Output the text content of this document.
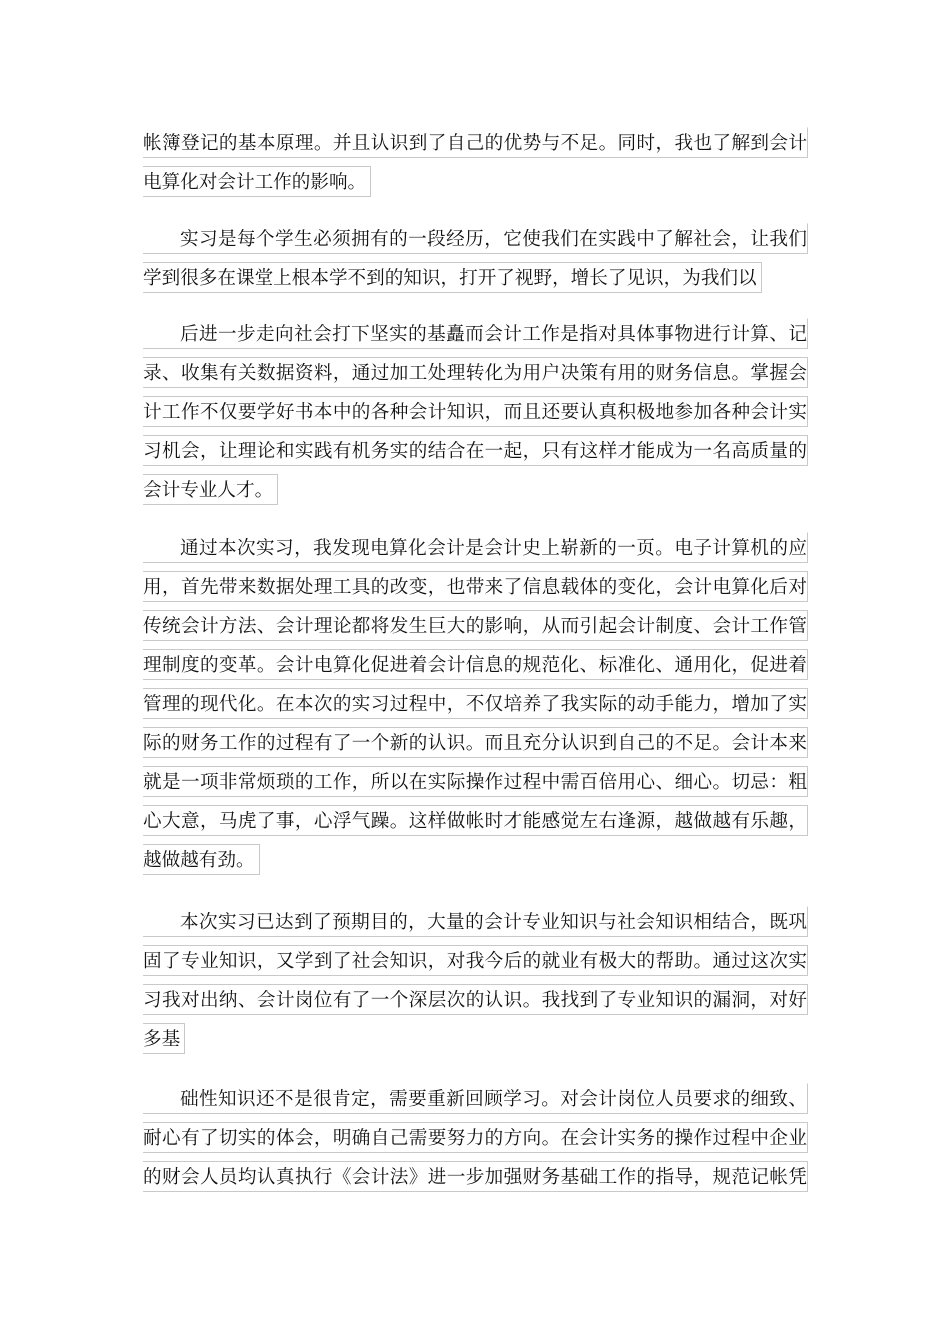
帐簿登记的基本原理。并且认识到了自己的优势与不足。同时，我也了解到会计
电算化对会计工作的影响。
实习是每个学生必须拥有的一段经历，它使我们在实践中了解社会，让我们
学到很多在课堂上根本学不到的知识，打开了视野，增长了见识，为我们以
后进一步走向社会打下坚实的基矗而会计工作是指对具体事物进行计算、记
录、收集有关数据资料，通过加工处理转化为用户决策有用的财务信息。掌握会
计工作不仅要学好书本中的各种会计知识，而且还要认真积极地参加各种会计实
习机会，让理论和实践有机务实的结合在一起，只有这样才能成为一名高质量的
会计专业人才。
通过本次实习，我发现电算化会计是会计史上崭新的一页。电子计算机的应
用，首先带来数据处理工具的改变，也带来了信息载体的变化，会计电算化后对
传统会计方法、会计理论都将发生巨大的影响，从而引起会计制度、会计工作管
理制度的变革。会计电算化促进着会计信息的规范化、标准化、通用化，促进着
管理的现代化。在本次的实习过程中，不仅培养了我实际的动手能力，增加了实
际的财务工作的过程有了一个新的认识。而且充分认识到自己的不足。会计本来
就是一项非常烦琐的工作，所以在实际操作过程中需百倍用心、细心。切忌：粗
心大意，马虎了事，心浮气躁。这样做帐时才能感觉左右逢源，越做越有乐趣，
越做越有劲。
本次实习已达到了预期目的，大量的会计专业知识与社会知识相结合，既巩
固了专业知识，又学到了社会知识，对我今后的就业有极大的帮助。通过这次实
习我对出纳、会计岗位有了一个深层次的认识。我找到了专业知识的漏洞，对好
多基
础性知识还不是很肯定，需要重新回顾学习。对会计岗位人员要求的细致、
耐心有了切实的体会，明确自己需要努力的方向。在会计实务的操作过程中企业
的财会人员均认真执行《会计法》进一步加强财务基础工作的指导，规范记帐凭
